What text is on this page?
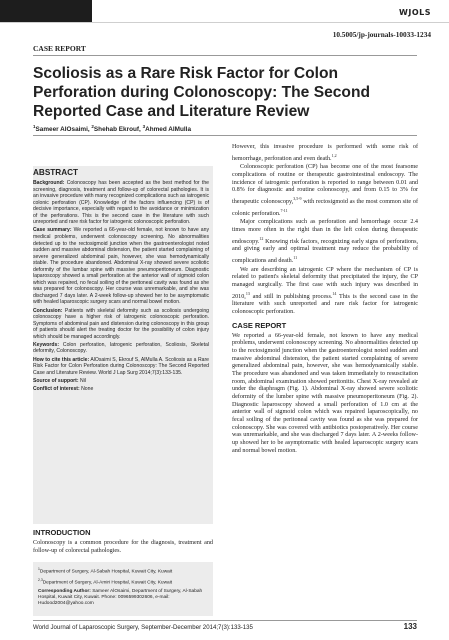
WJOLS
10.5005/jp-journals-10033-1234
CASE REPORT
Scoliosis as a Rare Risk Factor for Colon Perforation during Colonoscopy: The Second Reported Case and Literature Review
$^1$Sameer AlOsaimi, $^2$Shehab Ekrouf, $^3$Ahmed AlMulla
ABSTRACT

Background: Colonoscopy has been accepted as the best method for the screening, diagnosis, treatment and follow-up of colorectal pathologies. It is an invasive procedure with many recognized complications such as iatrogenic colonic perforation (CP). Knowledge of the factors influencing (CP) is of decisive importance, especially with regard to the avoidance or minimization of the perforations. This is the second case in the literature with such unreported and rare risk factor for iatrogenic colonoscopic perforation.

Case summary: We reported a 66-year-old female, not known to have any medical problems, underwent colonoscopy screening. No abnormalities detected up to the rectosigmoid junction when the gastroenterologist noted sudden and massive abdominal distension, the patient started complaining of severe generalized abdominal pain, however, she was hemodynamically stable. The procedure abandoned. Abdominal X-ray showed severe scoliotic deformity of the lumbar spine with massive pneumoperitoneum. Diagnostic laparoscopy showed a small perforation at the anterior wall of sigmoid colon which was repaired, no fecal soiling of the peritoneal cavity was found as she was prepared for colonoscopy. Her course was unremarkable, and she was discharged 7 days later. A 2-week follow-up showed her to be asymptomatic with healed laparoscopic surgery scars and normal bowel motion.

Conclusion: Patients with skeletal deformity such as scoliosis undergoing colonoscopy have a higher risk of iatrogenic colonoscopic perforation. Symptoms of abdominal pain and distension during colonoscopy in this group of patients should alert the treating doctor for the possibility of colon injury which should be managed accordingly.

Keywords: Colon perforation, Iatrogenic perforation, Scoliosis, Skeletal deformity, Colonoscopy.

How to cite this article: AlOsaimi S, Ekrouf S, AlMulla A. Scoliosis as a Rare Risk Factor for Colon Perforation during Colonoscopy: The Second Reported Case and Literature Review. World J Lap Surg 2014;7(3):133-135.

Source of support: Nil

Conflict of interest: None

INTRODUCTION

Colonoscopy is a common procedure for the diagnosis, treatment and follow-up of colorectal pathologies.

$^1$Department of Surgery, Al-Sabah Hospital, Kuwait City, Kuwait

$^{2,3}$Department of Surgery, Al-Amiri Hospital, Kuwait City, Kuwait

Corresponding Author: Sameer AlOsaimi, Department of Surgery, Al-Sabah Hospital, Kuwait City, Kuwait. Phone: 0096599302606, e-mail: Hudood2004@yahoo.com

However, this invasive procedure is performed with some risk of hemorrhage, perforation and even death.$^{1,2}$

Colonoscopic perforation (CP) has become one of the most fearsome complications of routine or therapeutic gastrointestinal endoscopy. The incidence of iatrogenic perforation is reported to range between 0.01 and 0.8% for diagnostic and routine colonoscopy, and from 0.15 to 3% for therapeutic colonoscopy,$^{3,5-9}$ with rectosigmoid as the most common site of colonic perforation.$^{7-11}$

Major complications such as perforation and hemorrhage occur 2.4 times more often in the right than in the left colon during therapeutic endoscopy.$^{12}$ Knowing risk factors, recognizing early signs of perforations, and giving early and optimal treatment may reduce the probability of complications and death.$^{11}$

We are describing an iatrogenic CP where the mechanism of CP is related to patient's skeletal deformity that precipitated the injury, the CP managed surgically. The first case with such injury was described in 2010,13 and still in publishing process.$^{14}$ This is the second case in the literature with such unreported and rare risk factor for iatrogenic colonoscopic perforation.

CASE REPORT

We reported a 66-year-old female, not known to have any medical problems, underwent colonoscopy screening. No abnormalities detected up to the rectosigmoid junction when the gastroenterologist noted sudden and massive abdominal distension, the patient started complaining of severe generalized abdominal pain, however, she was hemodynamically stable. The procedure was abandoned and was taken immediately to resuscitation room, abdominal examination showed peritonitis. Chest X-ray revealed air under the diaphragm (Fig. 1). Abdominal X-ray showed severe scoliotic deformity of the lumber spine with massive pneumoperitoneum (Fig. 2). Diagnostic laparoscopy showed a small perforation of 1.0 cm at the anterior wall of sigmoid colon which was repaired laparoscopically, no fecal soiling of the peritoneal cavity was found as she was prepared for colonoscopy. She was covered with antibiotics postoperatively. Her course was unremarkable, and she was discharged 7 days later. A 2-weeks follow-up showed her to be asymptomatic with healed laparoscopic surgery scars and normal bowel motion.

World Journal of Laparoscopic Surgery, September-December 2014;7(3):133-135	133
